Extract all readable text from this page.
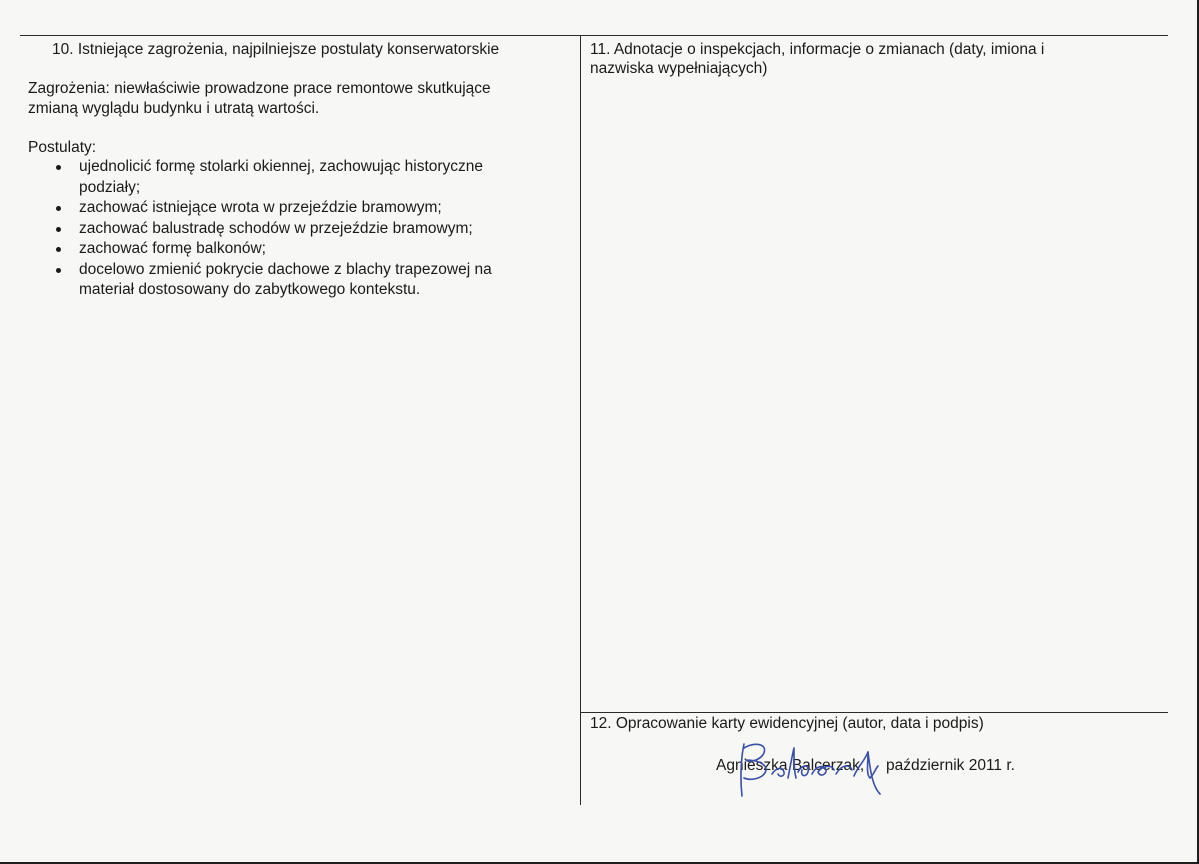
10. Istniejące zagrożenia, najpilniejsze postulaty konserwatorskie
Zagrożenia: niewłaściwie prowadzone prace remontowe skutkujące
zmianą wyglądu budynku i utratą wartości.
Postulaty:
ujednolicić formę stolarki okiennej, zachowując historyczne
podziały;
zachować istniejące wrota w przejeździe bramowym;
zachować balustradę schodów w przejeździe bramowym;
zachować formę balkonów;
docelowo zmienić pokrycie dachowe z blachy trapezowej na
materiał dostosowany do zabytkowego kontekstu.
11. Adnotacje o inspekcjach, informacje o zmianach (daty, imiona i
nazwiska wypełniających)
12. Opracowanie karty ewidencyjnej (autor, data i podpis)
Agnieszka Balcerzak, październik 2011 r.
